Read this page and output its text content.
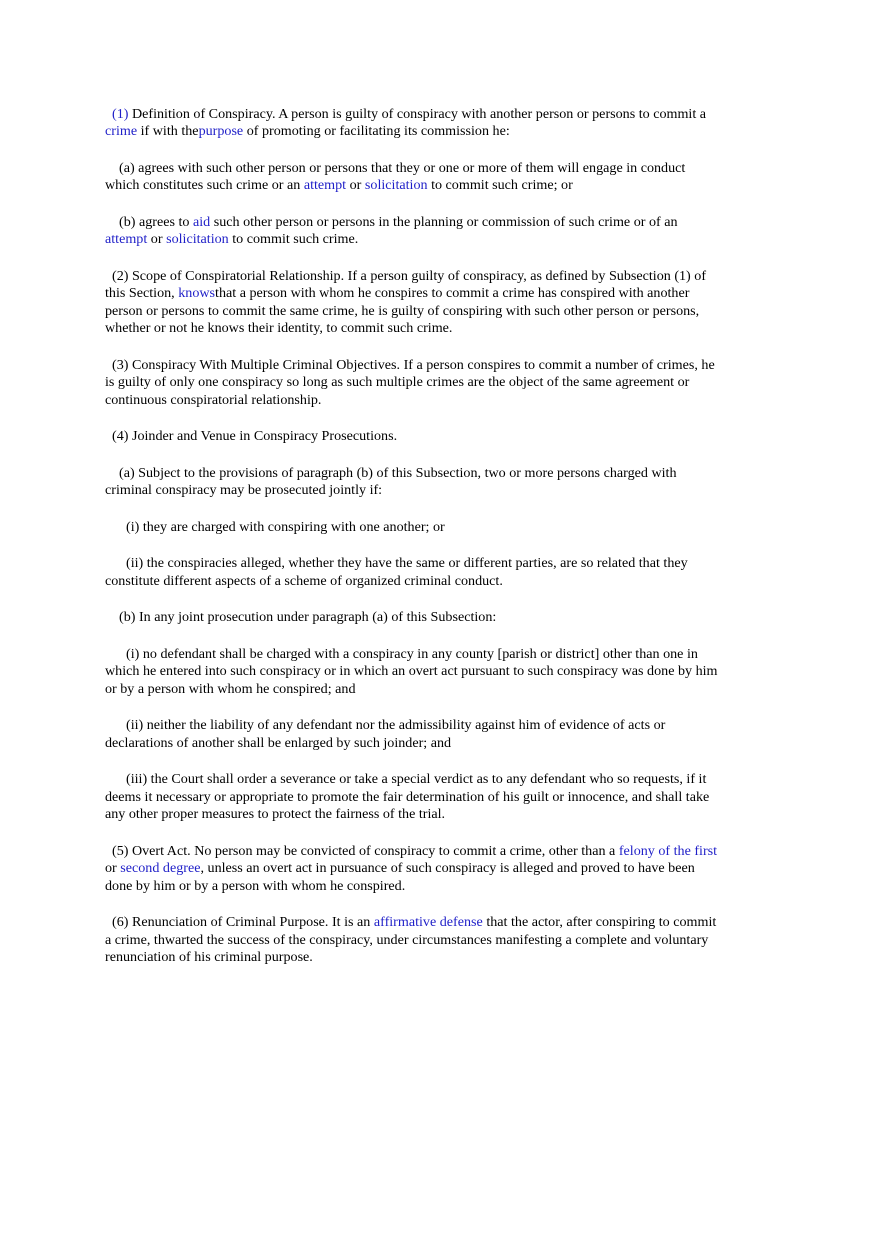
(1) Definition of Conspiracy. A person is guilty of conspiracy with another person or persons to commit a crime if with thepurpose of promoting or facilitating its commission he:

(a) agrees with such other person or persons that they or one or more of them will engage in conduct which constitutes such crime or an attempt or solicitation to commit such crime; or

(b) agrees to aid such other person or persons in the planning or commission of such crime or of an attempt or solicitation to commit such crime.

(2) Scope of Conspiratorial Relationship. If a person guilty of conspiracy, as defined by Subsection (1) of this Section, knowsthat a person with whom he conspires to commit a crime has conspired with another person or persons to commit the same crime, he is guilty of conspiring with such other person or persons, whether or not he knows their identity, to commit such crime.

(3) Conspiracy With Multiple Criminal Objectives. If a person conspires to commit a number of crimes, he is guilty of only one conspiracy so long as such multiple crimes are the object of the same agreement or continuous conspiratorial relationship.

(4) Joinder and Venue in Conspiracy Prosecutions.

(a) Subject to the provisions of paragraph (b) of this Subsection, two or more persons charged with criminal conspiracy may be prosecuted jointly if:

(i) they are charged with conspiring with one another; or

(ii) the conspiracies alleged, whether they have the same or different parties, are so related that they constitute different aspects of a scheme of organized criminal conduct.

(b) In any joint prosecution under paragraph (a) of this Subsection:

(i) no defendant shall be charged with a conspiracy in any county [parish or district] other than one in which he entered into such conspiracy or in which an overt act pursuant to such conspiracy was done by him or by a person with whom he conspired; and

(ii) neither the liability of any defendant nor the admissibility against him of evidence of acts or declarations of another shall be enlarged by such joinder; and

(iii) the Court shall order a severance or take a special verdict as to any defendant who so requests, if it deems it necessary or appropriate to promote the fair determination of his guilt or innocence, and shall take any other proper measures to protect the fairness of the trial.

(5) Overt Act. No person may be convicted of conspiracy to commit a crime, other than a felony of the first or second degree, unless an overt act in pursuance of such conspiracy is alleged and proved to have been done by him or by a person with whom he conspired.

(6) Renunciation of Criminal Purpose. It is an affirmative defense that the actor, after conspiring to commit a crime, thwarted the success of the conspiracy, under circumstances manifesting a complete and voluntary renunciation of his criminal purpose.
